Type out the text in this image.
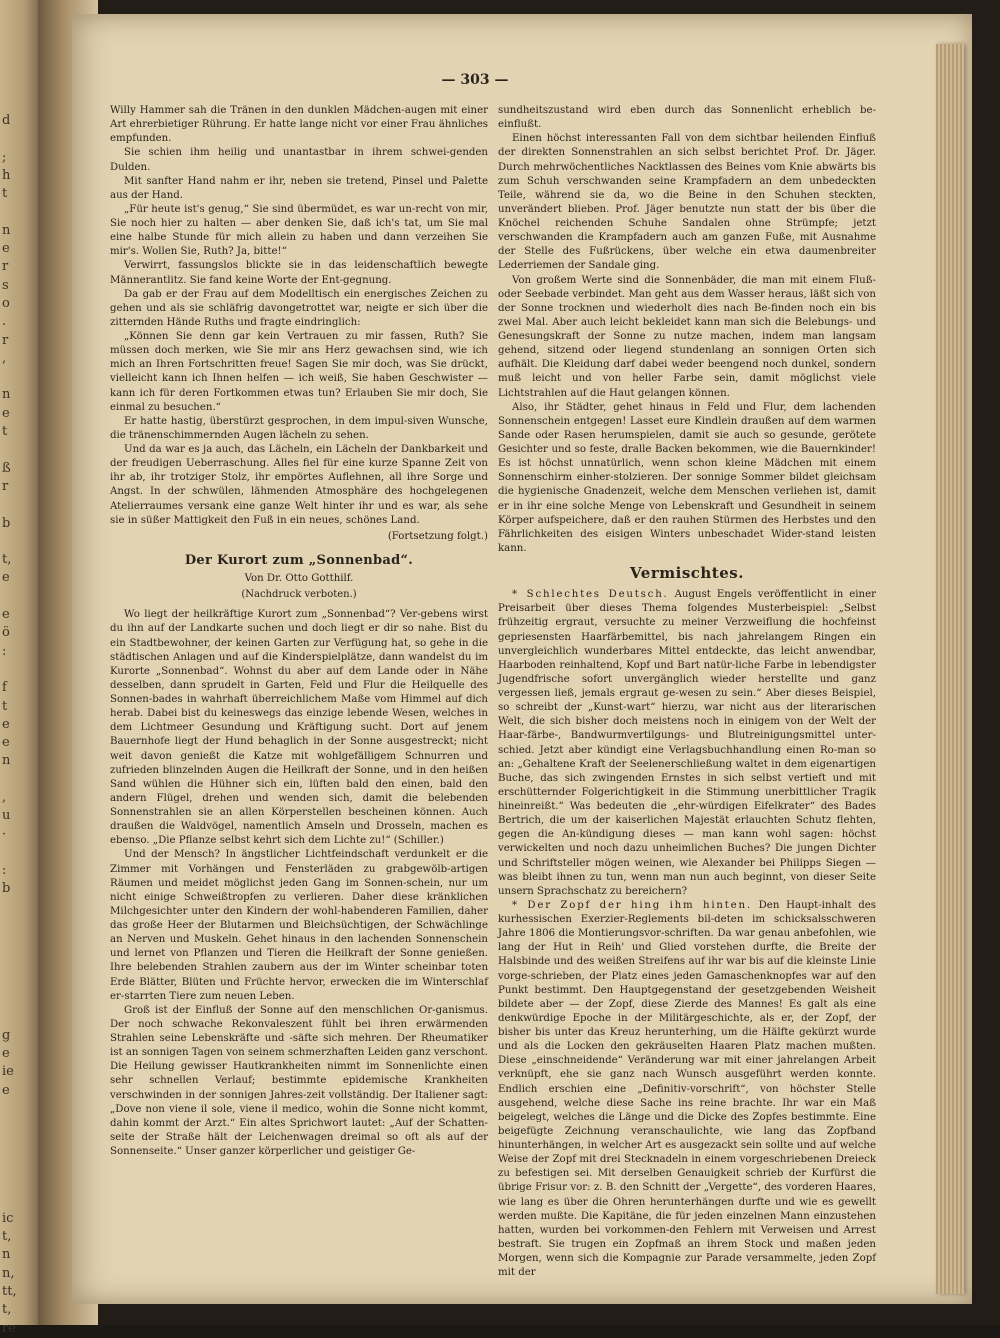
d
;
h
t
n
e
r
s
o
.
r
,
n
e
t
ß
r
b
t,
e
e
ö
:
f
t
e
e
n
,
u
·
:
b
g
e
ie
e
ic
t,
n
n,
tt,
t,
re
— 303 —

Willy Hammer sah die Tränen in den dunklen Mädchen-augen mit einer Art ehrerbietiger Rührung. Er hatte lange nicht vor einer Frau ähnliches empfunden.

Sie schien ihm heilig und unantastbar in ihrem schwei-genden Dulden.

Mit sanfter Hand nahm er ihr, neben sie tretend, Pinsel und Palette aus der Hand.

„Für heute ist's genug,“ Sie sind übermüdet, es war un-recht von mir, Sie noch hier zu halten — aber denken Sie, daß ich's tat, um Sie mal eine halbe Stunde für mich allein zu haben und dann verzeihen Sie mir's. Wollen Sie, Ruth? Ja, bitte!“

Verwirrt, fassungslos blickte sie in das leidenschaftlich bewegte Männerantlitz. Sie fand keine Worte der Ent-gegnung.

Da gab er der Frau auf dem Modelltisch ein energisches Zeichen zu gehen und als sie schläfrig davongetrottet war, neigte er sich über die zitternden Hände Ruths und fragte eindringlich:

„Können Sie denn gar kein Vertrauen zu mir fassen, Ruth? Sie müssen doch merken, wie Sie mir ans Herz gewachsen sind, wie ich mich an Ihren Fortschritten freue! Sagen Sie mir doch, was Sie drückt, vielleicht kann ich Ihnen helfen — ich weiß, Sie haben Geschwister — kann ich für deren Fortkommen etwas tun? Erlauben Sie mir doch, Sie einmal zu besuchen.“

Er hatte hastig, überstürzt gesprochen, in dem impul-siven Wunsche, die tränenschimmernden Augen lächeln zu sehen.

Und da war es ja auch, das Lächeln, ein Lächeln der Dankbarkeit und der freudigen Ueberraschung. Alles fiel für eine kurze Spanne Zeit von ihr ab, ihr trotziger Stolz, ihr empörtes Auflehnen, all ihre Sorge und Angst. In der schwülen, lähmenden Atmosphäre des hochgelegenen Atelierraumes versank eine ganze Welt hinter ihr und es war, als sehe sie in süßer Mattigkeit den Fuß in ein neues, schönes Land.

(Fortsetzung folgt.)
Der Kurort zum „Sonnenbad“.
Von Dr. Otto Gotthilf.
(Nachdruck verboten.)

Wo liegt der heilkräftige Kurort zum „Sonnenbad“? Ver-gebens wirst du ihn auf der Landkarte suchen und doch liegt er dir so nahe. Bist du ein Stadtbewohner, der keinen Garten zur Verfügung hat, so gehe in die städtischen Anlagen und auf die Kinderspielplätze, dann wandelst du im Kurorte „Sonnenbad“. Wohnst du aber auf dem Lande oder in Nähe desselben, dann sprudelt in Garten, Feld und Flur die Heilquelle des Sonnen-bades in wahrhaft überreichlichem Maße vom Himmel auf dich herab. Dabei bist du keineswegs das einzige lebende Wesen, welches in dem Lichtmeer Gesundung und Kräftigung sucht. Dort auf jenem Bauernhofe liegt der Hund behaglich in der Sonne ausgestreckt; nicht weit davon genießt die Katze mit wohlgefälligem Schnurren und zufrieden blinzelnden Augen die Heilkraft der Sonne, und in den heißen Sand wühlen die Hühner sich ein, lüften bald den einen, bald den andern Flügel, drehen und wenden sich, damit die belebenden Sonnenstrahlen sie an allen Körperstellen bescheinen können. Auch draußen die Waldvögel, namentlich Amseln und Drosseln, machen es ebenso. „Die Pflanze selbst kehrt sich dem Lichte zu!“ (Schiller.)

Und der Mensch? In ängstlicher Lichtfeindschaft verdunkelt er die Zimmer mit Vorhängen und Fensterläden zu grabgewölb-artigen Räumen und meidet möglichst jeden Gang im Sonnen-schein, nur um nicht einige Schweißtropfen zu verlieren. Daher diese kränklichen Milchgesichter unter den Kindern der wohl-habenderen Familien, daher das große Heer der Blutarmen und Bleichsüchtigen, der Schwächlinge an Nerven und Muskeln. Gehet hinaus in den lachenden Sonnenschein und lernet von Pflanzen und Tieren die Heilkraft der Sonne genießen. Ihre belebenden Strahlen zaubern aus der im Winter scheinbar toten Erde Blätter, Blüten und Früchte hervor, erwecken die im Winterschlaf er-starrten Tiere zum neuen Leben.

Groß ist der Einfluß der Sonne auf den menschlichen Or-ganismus. Der noch schwache Rekonvaleszent fühlt bei ihren erwärmenden Strahlen seine Lebenskräfte und -säfte sich mehren. Der Rheumatiker ist an sonnigen Tagen von seinem schmerzhaften Leiden ganz verschont. Die Heilung gewisser Hautkrankheiten nimmt im Sonnenlichte einen sehr schnellen Verlauf; bestimmte epidemische Krankheiten verschwinden in der sonnigen Jahres-zeit vollständig. Der Italiener sagt: „Dove non viene il sole, viene il medico, wohin die Sonne nicht kommt, dahin kommt der Arzt.“ Ein altes Sprichwort lautet: „Auf der Schatten-seite der Straße hält der Leichenwagen dreimal so oft als auf der Sonnenseite.“ Unser ganzer körperlicher und geistiger Ge-

sundheitszustand wird eben durch das Sonnenlicht erheblich be-einflußt.

Einen höchst interessanten Fall von dem sichtbar heilenden Einfluß der direkten Sonnenstrahlen an sich selbst berichtet Prof. Dr. Jäger. Durch mehrwöchentliches Nacktlassen des Beines vom Knie abwärts bis zum Schuh verschwanden seine Krampfadern an dem unbedeckten Teile, während sie da, wo die Beine in den Schuhen steckten, unverändert blieben. Prof. Jäger benutzte nun statt der bis über die Knöchel reichenden Schuhe Sandalen ohne Strümpfe; jetzt verschwanden die Krampfadern auch am ganzen Fuße, mit Ausnahme der Stelle des Fußrückens, über welche ein etwa daumenbreiter Lederriemen der Sandale ging.

Von großem Werte sind die Sonnenbäder, die man mit einem Fluß- oder Seebade verbindet. Man geht aus dem Wasser heraus, läßt sich von der Sonne trocknen und wiederholt dies nach Be-finden noch ein bis zwei Mal. Aber auch leicht bekleidet kann man sich die Belebungs- und Genesungskraft der Sonne zu nutze machen, indem man langsam gehend, sitzend oder liegend stundenlang an sonnigen Orten sich aufhält. Die Kleidung darf dabei weder beengend noch dunkel, sondern muß leicht und von heller Farbe sein, damit möglichst viele Lichtstrahlen auf die Haut gelangen können.

Also, ihr Städter, gehet hinaus in Feld und Flur, dem lachenden Sonnenschein entgegen! Lasset eure Kindlein draußen auf dem warmen Sande oder Rasen herumspielen, damit sie auch so gesunde, gerötete Gesichter und so feste, dralle Backen bekommen, wie die Bauernkinder! Es ist höchst unnatürlich, wenn schon kleine Mädchen mit einem Sonnenschirm einher-stolzieren. Der sonnige Sommer bildet gleichsam die hygienische Gnadenzeit, welche dem Menschen verliehen ist, damit er in ihr eine solche Menge von Lebenskraft und Gesundheit in seinem Körper aufspeichere, daß er den rauhen Stürmen des Herbstes und den Fährlichkeiten des eisigen Winters unbeschadet Wider-stand leisten kann.

Vermischtes.

* Schlechtes Deutsch. August Engels veröffentlicht in einer Preisarbeit über dieses Thema folgendes Musterbeispiel: „Selbst frühzeitig ergraut, versuchte zu meiner Verzweiflung die hochfeinst gepriesensten Haarfärbemittel, bis nach jahrelangem Ringen ein unvergleichlich wunderbares Mittel entdeckte, das leicht anwendbar, Haarboden reinhaltend, Kopf und Bart natür-liche Farbe in lebendigster Jugendfrische sofort unvergänglich wieder herstellte und ganz vergessen ließ, jemals ergraut ge-wesen zu sein.“ Aber dieses Beispiel, so schreibt der „Kunst-wart“ hierzu, war nicht aus der literarischen Welt, die sich bisher doch meistens noch in einigem von der Welt der Haar-färbe-, Bandwurmvertilgungs- und Blutreinigungsmittel unter-schied. Jetzt aber kündigt eine Verlagsbuchhandlung einen Ro-man so an: „Gehaltene Kraft der Seelenerschließung waltet in dem eigenartigen Buche, das sich zwingenden Ernstes in sich selbst vertieft und mit erschütternder Folgerichtigkeit in die Stimmung unerbittlicher Tragik hineinreißt.“ Was bedeuten die „ehr-würdigen Eifelkrater“ des Bades Bertrich, die um der kaiserlichen Majestät erlauchten Schutz flehten, gegen die An-kündigung dieses — man kann wohl sagen: höchst verwickelten und noch dazu unheimlichen Buches? Die jungen Dichter und Schriftsteller mögen weinen, wie Alexander bei Philipps Siegen — was bleibt ihnen zu tun, wenn man nun auch beginnt, von dieser Seite unsern Sprachschatz zu bereichern?

* Der Zopf der hing ihm hinten. Den Haupt-inhalt des kurhessischen Exerzier-Reglements bil-deten im schicksalsschweren Jahre 1806 die Montierungsvor-schriften. Da war genau anbefohlen, wie lang der Hut in Reih' und Glied vorstehen durfte, die Breite der Halsbinde und des weißen Streifens auf ihr war bis auf die kleinste Linie vorge-schrieben, der Platz eines jeden Gamaschenknopfes war auf den Punkt bestimmt. Den Hauptgegenstand der gesetzgebenden Weisheit bildete aber — der Zopf, diese Zierde des Mannes! Es galt als eine denkwürdige Epoche in der Militärgeschichte, als er, der Zopf, der bisher bis unter das Kreuz herunterhing, um die Hälfte gekürzt wurde und als die Locken den gekräuselten Haaren Platz machen mußten. Diese „einschneidende“ Veränderung war mit einer jahrelangen Arbeit verknüpft, ehe sie ganz nach Wunsch ausgeführt werden konnte. Endlich erschien eine „Definitiv-vorschrift“, von höchster Stelle ausgehend, welche diese Sache ins reine brachte. Ihr war ein Maß beigelegt, welches die Länge und die Dicke des Zopfes bestimmte. Eine beigefügte Zeichnung veranschaulichte, wie lang das Zopfband hinunterhängen, in welcher Art es ausgezackt sein sollte und auf welche Weise der Zopf mit drei Stecknadeln in einem vorgeschriebenen Dreieck zu befestigen sei. Mit derselben Genauigkeit schrieb der Kurfürst die übrige Frisur vor: z. B. den Schnitt der „Vergette“, des vorderen Haares, wie lang es über die Ohren herunterhängen durfte und wie es gewellt werden mußte. Die Kapitäne, die für jeden einzelnen Mann einzustehen hatten, wurden bei vorkommen-den Fehlern mit Verweisen und Arrest bestraft. Sie trugen ein Zopfmaß an ihrem Stock und maßen jeden Morgen, wenn sich die Kompagnie zur Parade versammelte, jeden Zopf mit der
